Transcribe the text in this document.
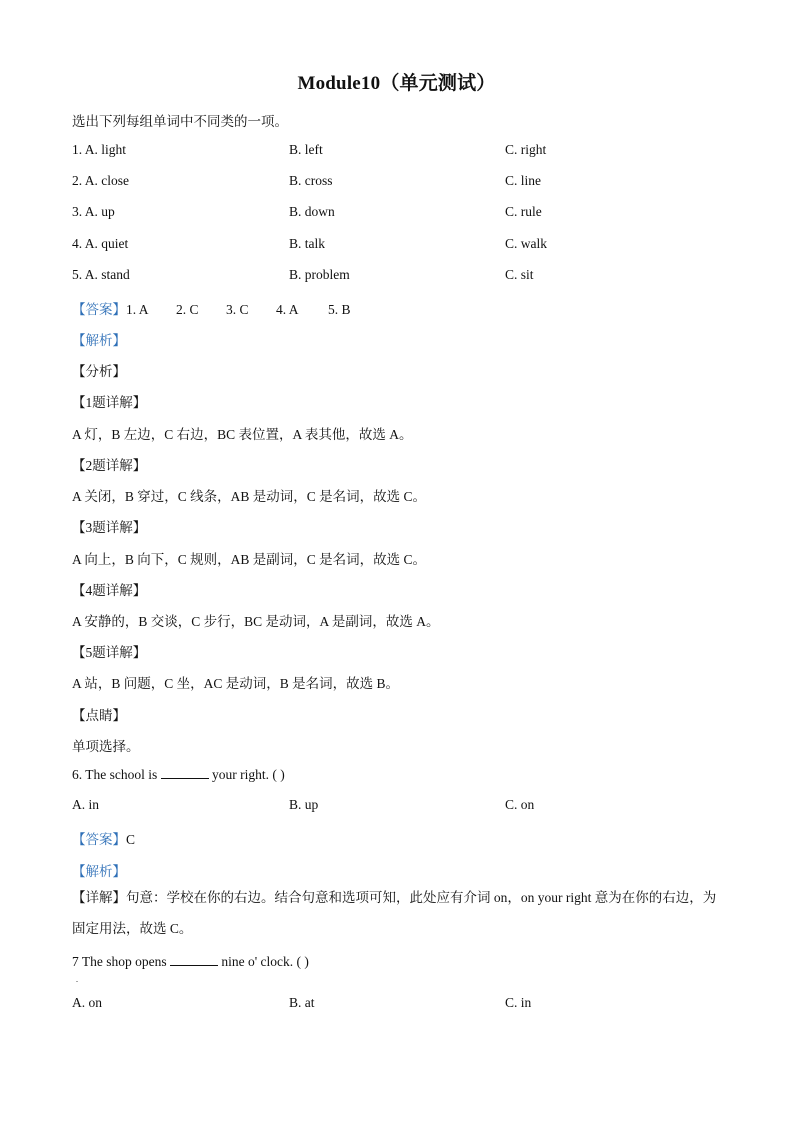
Module10（单元测试）
选出下列每组单词中不同类的一项。
1. A. light	B. left	C. right
2. A. close	B. cross	C. line
3. A. up	B. down	C. rule
4. A. quiet	B. talk	C. walk
5. A. stand	B. problem	C. sit
【答案】1. A 2. C 3. C 4. A 5. B
【解析】
【分析】
【1题详解】
A 灯，B 左边，C 右边，BC 表位置，A 表其他，故选 A。
【2题详解】
A 关闭，B 穿过，C 线条，AB 是动词，C 是名词，故选 C。
【3题详解】
A 向上，B 向下，C 规则，AB 是副词，C 是名词，故选 C。
【4题详解】
A 安静的，B 交谈，C 步行，BC 是动词，A 是副词，故选 A。
【5题详解】
A 站，B 问题，C 坐，AC 是动词，B 是名词，故选 B。
【点睛】
单项选择。
6. The school is	your right. ( )
A. in	B. up	C. on
【答案】C
【解析】
【详解】句意：学校在你的右边。结合句意和选项可知，此处应有介词 on，on your right 意为在你的右边，为固定用法，故选 C。
7 The shop opens	nine o' clock. ( )
.
A. on	B. at	C. in
